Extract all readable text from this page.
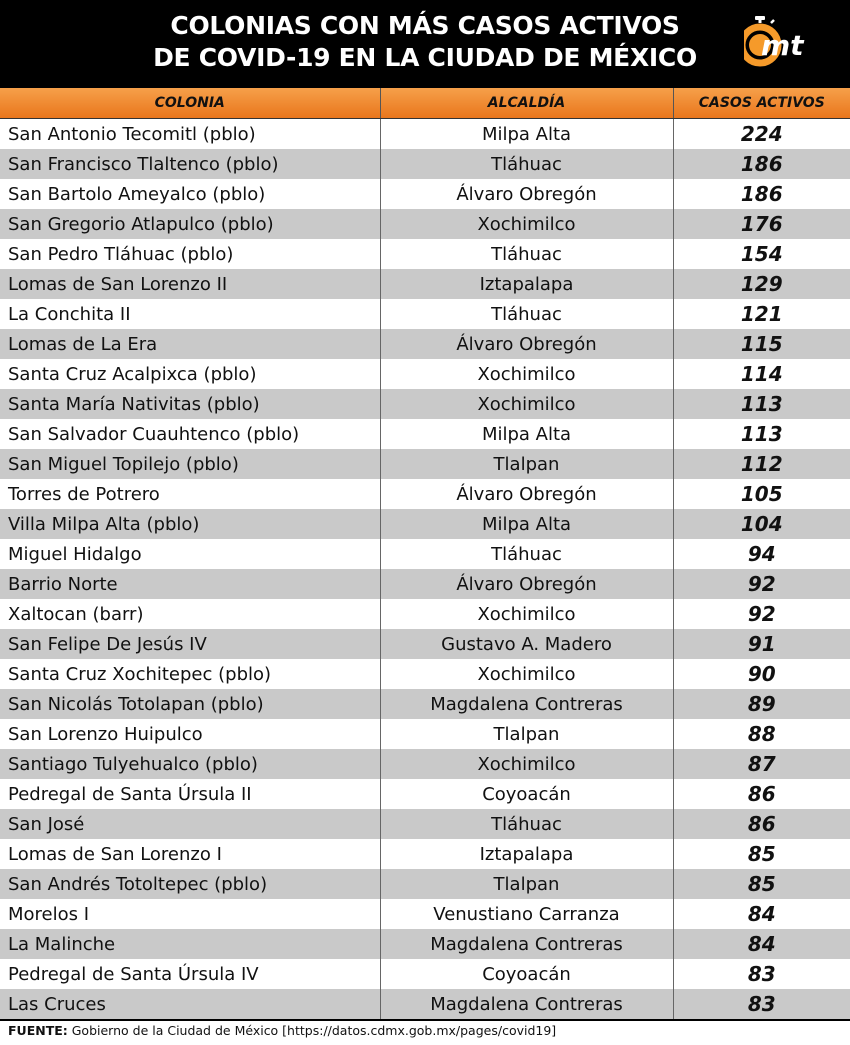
COLONIAS CON MÁS CASOS ACTIVOS
DE COVID-19 EN LA CIUDAD DE MÉXICO	mt
COLONIA	ALCALDÍA	CASOS ACTIVOS
San Antonio Tecomitl (pblo)	Milpa Alta	224
San Francisco Tlaltenco (pblo)	Tláhuac	186
San Bartolo Ameyalco (pblo)	Álvaro Obregón	186
San Gregorio Atlapulco (pblo)	Xochimilco	176
San Pedro Tláhuac (pblo)	Tláhuac	154
Lomas de San Lorenzo II	Iztapalapa	129
La Conchita II	Tláhuac	121
Lomas de La Era	Álvaro Obregón	115
Santa Cruz Acalpixca (pblo)	Xochimilco	114
Santa María Nativitas (pblo)	Xochimilco	113
San Salvador Cuauhtenco (pblo)	Milpa Alta	113
San Miguel Topilejo (pblo)	Tlalpan	112
Torres de Potrero	Álvaro Obregón	105
Villa Milpa Alta (pblo)	Milpa Alta	104
Miguel Hidalgo	Tláhuac	94
Barrio Norte	Álvaro Obregón	92
Xaltocan (barr)	Xochimilco	92
San Felipe De Jesús IV	Gustavo A. Madero	91
Santa Cruz Xochitepec (pblo)	Xochimilco	90
San Nicolás Totolapan (pblo)	Magdalena Contreras	89
San Lorenzo Huipulco	Tlalpan	88
Santiago Tulyehualco (pblo)	Xochimilco	87
Pedregal de Santa Úrsula II	Coyoacán	86
San José	Tláhuac	86
Lomas de San Lorenzo I	Iztapalapa	85
San Andrés Totoltepec (pblo)	Tlalpan	85
Morelos I	Venustiano Carranza	84
La Malinche	Magdalena Contreras	84
Pedregal de Santa Úrsula IV	Coyoacán	83
Las Cruces	Magdalena Contreras	83
FUENTE: Gobierno de la Ciudad de México [https://datos.cdmx.gob.mx/pages/covid19]
